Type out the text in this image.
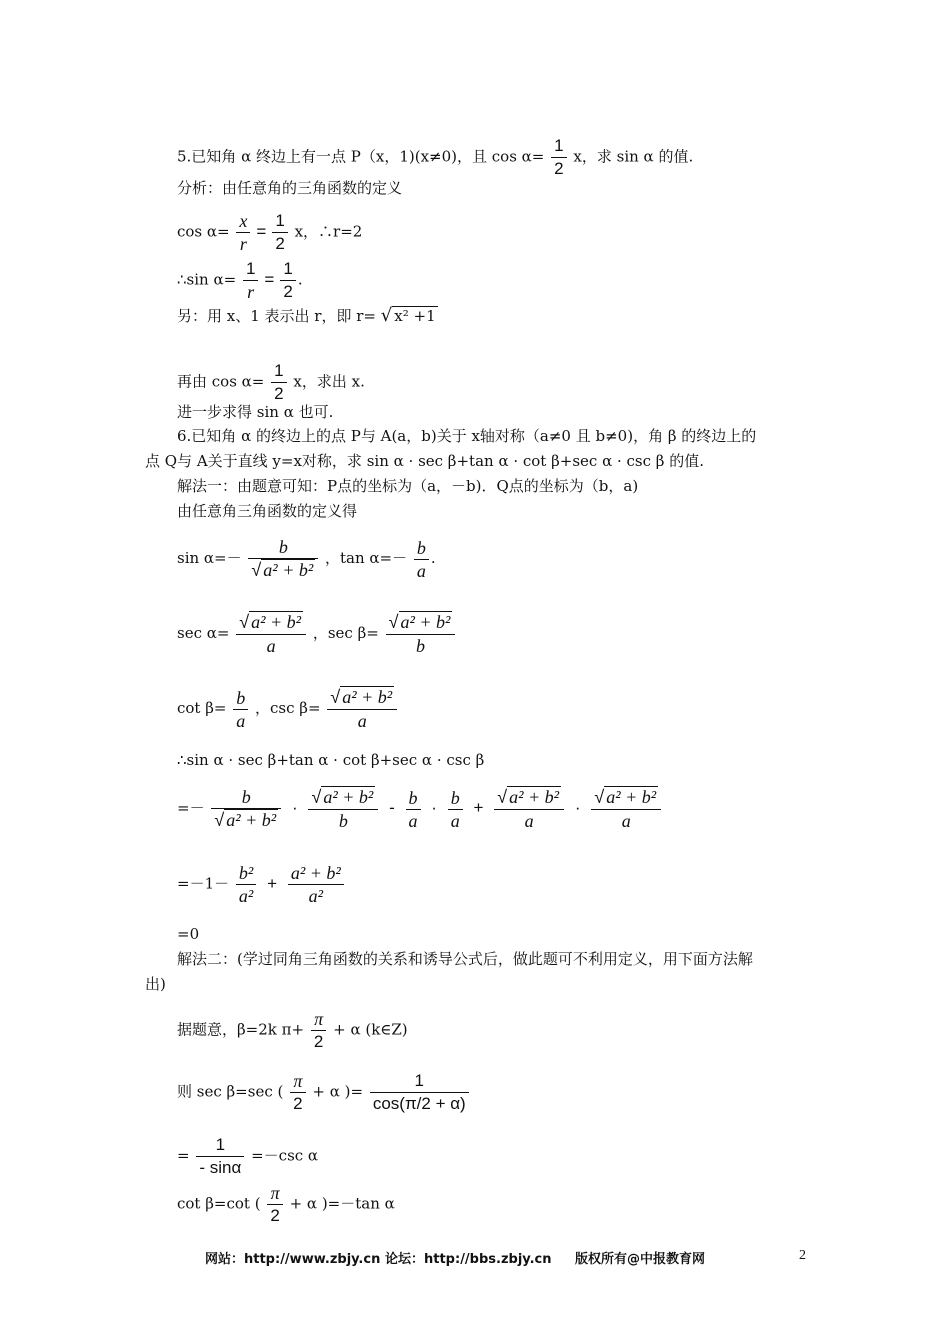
5.已知角 α 终边上有一点 P（x，1)(x≠0)，且 $\cos \alpha= \frac{1}{2}$ x，求 sin α 的值.
分析：由任意角的三角函数的定义
$\cos \alpha= \frac{x}{r} = \frac{1}{2}$ x，∴r=2
∴sin $\alpha= \frac{1}{r} = \frac{1}{2}$ .
另：用 x、1 表示出 r，即 r= √ x² +1
再由 $\cos \alpha= \frac{1}{2}$ x，求出 x.
进一步求得 sin α 也可.
6.已知角 α 的终边上的点 P与 A(a，b)关于 x轴对称（a≠0 且 b≠0)，角 β 的终边上的
点 Q与 A关于直线 y=x对称，求 sin α · sec β+tan α · cot β+sec α · csc β 的值.
解法一：由题意可知：P点的坐标为（a，－b)．Q点的坐标为（b，a)
由任意角三角函数的定义得
$\sin \alpha=- \frac{b}{\text{√ a² + b²}}$ ，$\tan \alpha=- \frac{b}{a}$ .
$\sec \alpha= \frac{\text{√ a² + b²}}{a}$ ，$\sec \beta= \frac{\text{√ a² + b²}}{b}$
$\cot \beta= \frac{b}{a}$ ，$\csc \beta= \frac{\text{√ a² + b²}}{a}$
∴sin α · sec β+tan α · cot β+sec α · csc β
=－ $\frac{b}{\text{√ a² + b²}} \cdot \frac{\text{√ a² + b²}}{b} - \frac{b}{a} \cdot \frac{b}{a} + \frac{\text{√ a² + b²}}{a} \cdot \frac{\text{√ a² + b²}}{a}$
$=-1- \frac{\text{b²}}{\text{a²}} + \frac{\text{a² + b²}}{\text{a²}}$
=0
解法二：(学过同角三角函数的关系和诱导公式后，做此题可不利用定义，用下面方法解
出)
据题意，β=2k $\pi+ \frac{\pi}{2} + \alpha$ (k∈Z)
则 sec β=sec ( $\frac{\pi}{2} + \alpha$ )= $\frac{1}{\cos(\pi/2 + \alpha)}$
= $\frac{1}{- \sin\alpha} =-\csc$ α
cot β=cot ( $\frac{\pi}{2} + \alpha$ )=－tan α
网站：http://www.zbjy.cn 论坛：http://bbs.zbjy.cn 版权所有@中报教育网	2
